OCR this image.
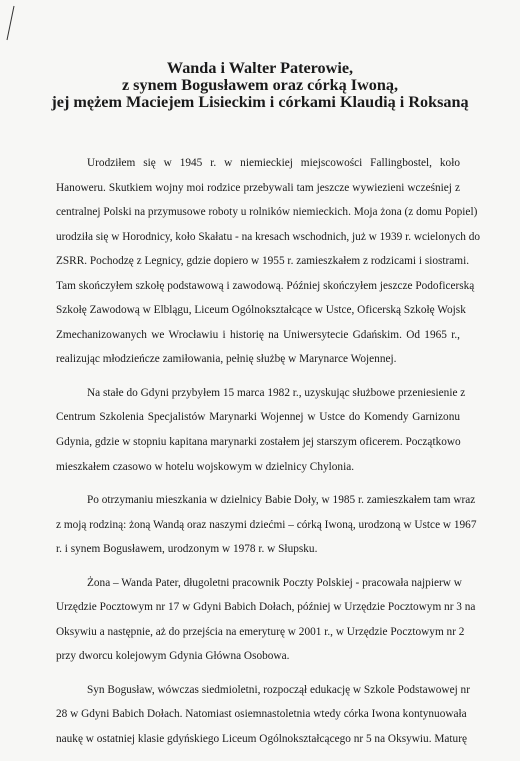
Wanda i Walter Paterowie,
z synem Bogusławem oraz córką Iwoną,
jej mężem Maciejem Lisieckim i córkami Klaudią i Roksaną

Urodziłem się w 1945 r. w niemieckiej miejscowości Fallingbostel, koło
Hanoweru. Skutkiem wojny moi rodzice przebywali tam jeszcze wywiezieni wcześniej z
centralnej Polski na przymusowe roboty u rolników niemieckich. Moja żona (z domu Popiel)
urodziła się w Horodnicy, koło Skałatu - na kresach wschodnich, już w 1939 r. wcielonych do
ZSRR. Pochodzę z Legnicy, gdzie dopiero w 1955 r. zamieszkałem z rodzicami i siostrami.
Tam skończyłem szkołę podstawową i zawodową. Później skończyłem jeszcze Podoficerską
Szkołę Zawodową w Elblągu, Liceum Ogólnokształcące w Ustce, Oficerską Szkołę Wojsk
Zmechanizowanych we Wrocławiu i historię na Uniwersytecie Gdańskim. Od 1965 r.,
realizując młodzieńcze zamiłowania, pełnię służbę w Marynarce Wojennej.

Na stałe do Gdyni przybyłem 15 marca 1982 r., uzyskując służbowe przeniesienie z
Centrum Szkolenia Specjalistów Marynarki Wojennej w Ustce do Komendy Garnizonu
Gdynia, gdzie w stopniu kapitana marynarki zostałem jej starszym oficerem. Początkowo
mieszkałem czasowo w hotelu wojskowym w dzielnicy Chylonia.

Po otrzymaniu mieszkania w dzielnicy Babie Doły, w 1985 r. zamieszkałem tam wraz
z moją rodziną: żoną Wandą oraz naszymi dziećmi – córką Iwoną, urodzoną w Ustce w 1967
r. i synem Bogusławem, urodzonym w 1978 r. w Słupsku.

Żona – Wanda Pater, długoletni pracownik Poczty Polskiej - pracowała najpierw w
Urzędzie Pocztowym nr 17 w Gdyni Babich Dołach, później w Urzędzie Pocztowym nr 3 na
Oksywiu a następnie, aż do przejścia na emeryturę w 2001 r., w Urzędzie Pocztowym nr 2
przy dworcu kolejowym Gdynia Główna Osobowa.

Syn Bogusław, wówczas siedmioletni, rozpoczął edukację w Szkole Podstawowej nr
28 w Gdyni Babich Dołach. Natomiast osiemnastoletnia wtedy córka Iwona kontynuowała
naukę w ostatniej klasie gdyńskiego Liceum Ogólnokształcącego nr 5 na Oksywiu. Maturę
